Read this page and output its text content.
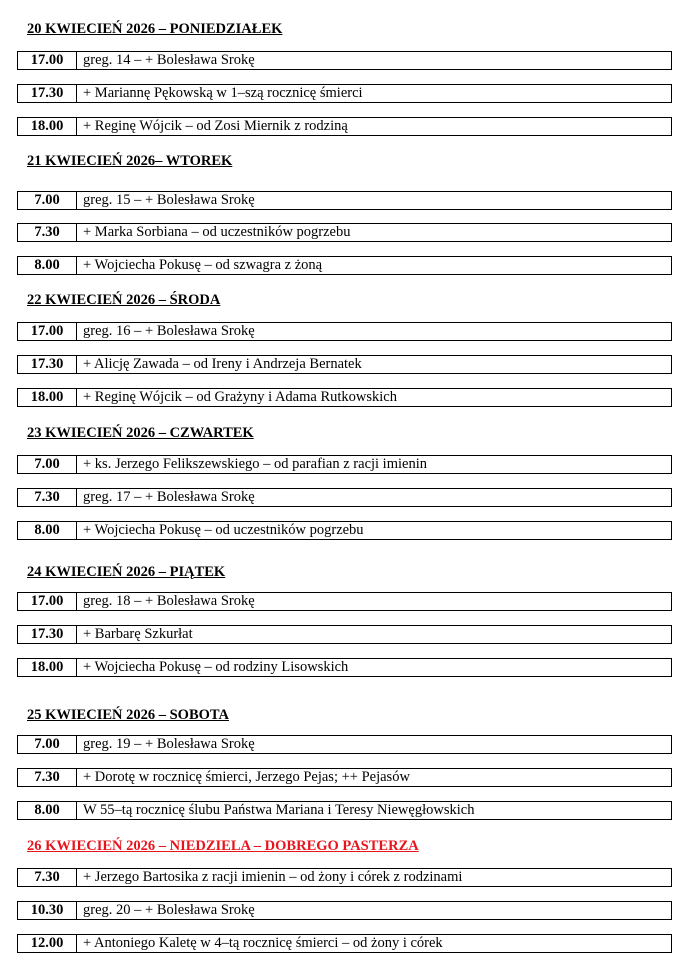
20 KWIECIEŃ 2026 – PONIEDZIAŁEK
17.00	greg. 14 – + Bolesława Srokę
17.30	+ Mariannę Pękowską w 1–szą rocznicę śmierci
18.00	+ Reginę Wójcik – od Zosi Miernik z rodziną
21 KWIECIEŃ 2026– WTOREK
7.00	greg. 15 – + Bolesława Srokę
7.30	+ Marka Sorbiana – od uczestników pogrzebu
8.00	+ Wojciecha Pokusę – od szwagra z żoną
22 KWIECIEŃ 2026 – ŚRODA
17.00	greg. 16 – + Bolesława Srokę
17.30	+ Alicję Zawada – od Ireny i Andrzeja Bernatek
18.00	+ Reginę Wójcik – od Grażyny i Adama Rutkowskich
23 KWIECIEŃ 2026 – CZWARTEK
7.00	+ ks. Jerzego Felikszewskiego – od parafian z racji imienin
7.30	greg. 17 – + Bolesława Srokę
8.00	+ Wojciecha Pokusę – od uczestników pogrzebu
24 KWIECIEŃ 2026 – PIĄTEK
17.00	greg. 18 – + Bolesława Srokę
17.30	+ Barbarę Szkurłat
18.00	+ Wojciecha Pokusę – od rodziny Lisowskich
25 KWIECIEŃ 2026 – SOBOTA
7.00	greg. 19 – + Bolesława Srokę
7.30	+ Dorotę w rocznicę śmierci, Jerzego Pejas; ++ Pejasów
8.00	W 55–tą rocznicę ślubu Państwa Mariana i Teresy Niewęgłowskich
26 KWIECIEŃ 2026 – NIEDZIELA – DOBREGO PASTERZA
7.30	+ Jerzego Bartosika z racji imienin – od żony i córek z rodzinami
10.30	greg. 20 – + Bolesława Srokę
12.00	+ Antoniego Kaletę w 4–tą rocznicę śmierci – od żony i córek
